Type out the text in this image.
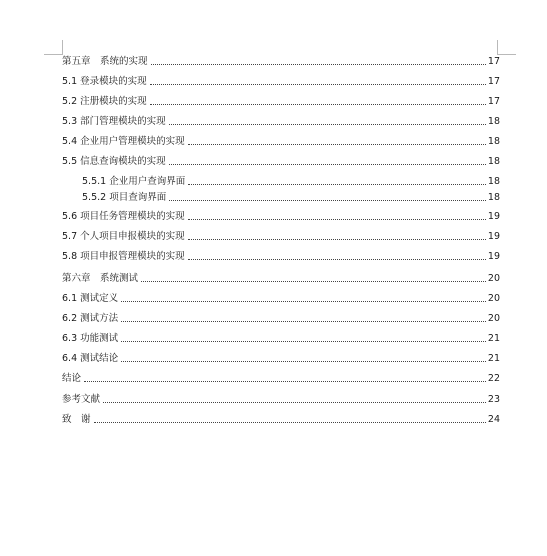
第五章　系统的实现	17
5.1 登录模块的实现	17
5.2 注册模块的实现	17
5.3 部门管理模块的实现	18
5.4 企业用户管理模块的实现	18
5.5 信息查询模块的实现	18
5.5.1 企业用户查询界面	18
5.5.2 项目查询界面	18
5.6 项目任务管理模块的实现	19
5.7 个人项目申报模块的实现	19
5.8 项目申报管理模块的实现	19
第六章　系统测试	20
6.1 测试定义	20
6.2 测试方法	20
6.3 功能测试	21
6.4 测试结论	21
结论	22
参考文献	23
致　谢	24
